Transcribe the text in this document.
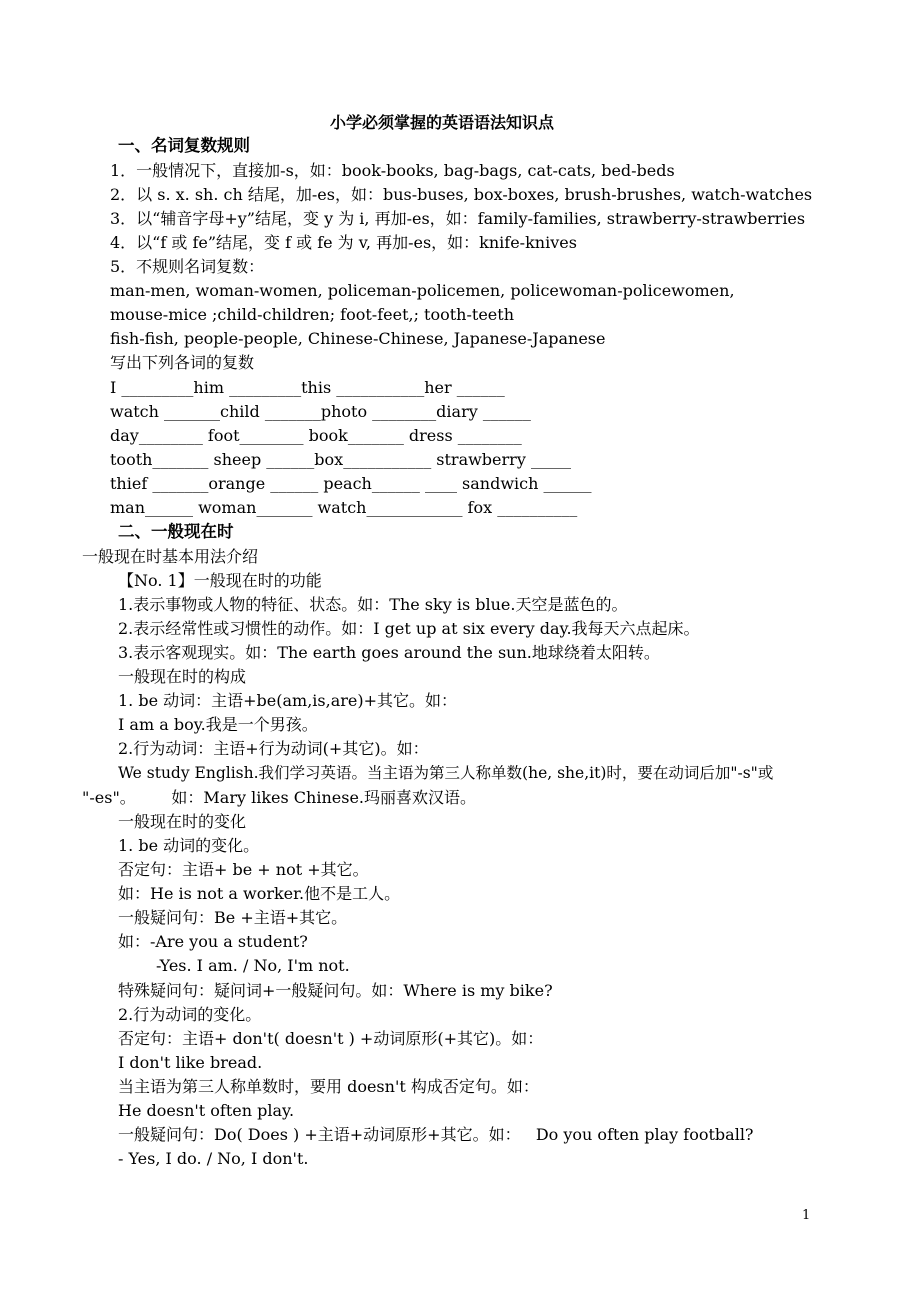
小学必须掌握的英语语法知识点
一、名词复数规则
1．一般情况下，直接加-s，如：book-books, bag-bags, cat-cats, bed-beds
2．以 s. x. sh. ch 结尾，加-es，如：bus-buses, box-boxes, brush-brushes, watch-watches
3．以“辅音字母+y”结尾，变 y 为 i, 再加-es，如：family-families, strawberry-strawberries
4．以“f 或 fe”结尾，变 f 或 fe 为 v, 再加-es，如：knife-knives
5．不规则名词复数：
man-men, woman-women, policeman-policemen, policewoman-policewomen,
mouse-mice ;child-children; foot-feet,; tooth-teeth
fish-fish, people-people, Chinese-Chinese, Japanese-Japanese
写出下列各词的复数
I _________him _________this ___________her ______
watch _______child _______photo ________diary ______
day________ foot________ book_______ dress ________
tooth_______ sheep ______box___________ strawberry _____
thief _______orange ______ peach______ ____ sandwich ______
man______ woman_______ watch____________ fox __________
二、一般现在时
一般现在时基本用法介绍
【No. 1】一般现在时的功能
1.表示事物或人物的特征、状态。如：The sky is blue.天空是蓝色的。
2.表示经常性或习惯性的动作。如：I get up at six every day.我每天六点起床。
3.表示客观现实。如：The earth goes around the sun.地球绕着太阳转。
一般现在时的构成
1. be 动词：主语+be(am,is,are)+其它。如：
I am a boy.我是一个男孩。
2.行为动词：主语+行为动词(+其它)。如：
We study English.我们学习英语。当主语为第三人称单数(he, she,it)时，要在动词后加"-s"或
"-es"。       如：Mary likes Chinese.玛丽喜欢汉语。
一般现在时的变化
1. be 动词的变化。
否定句：主语+ be + not +其它。
如：He is not a worker.他不是工人。
一般疑问句：Be +主语+其它。
如：-Are you a student?
-Yes. I am. / No, I'm not.
特殊疑问句：疑问词+一般疑问句。如：Where is my bike?
2.行为动词的变化。
否定句：主语+ don't( doesn't ) +动词原形(+其它)。如：
I don't like bread.
当主语为第三人称单数时，要用 doesn't 构成否定句。如：
He doesn't often play.
一般疑问句：Do( Does ) +主语+动词原形+其它。如：   Do you often play football?
- Yes, I do. / No, I don't.
1
